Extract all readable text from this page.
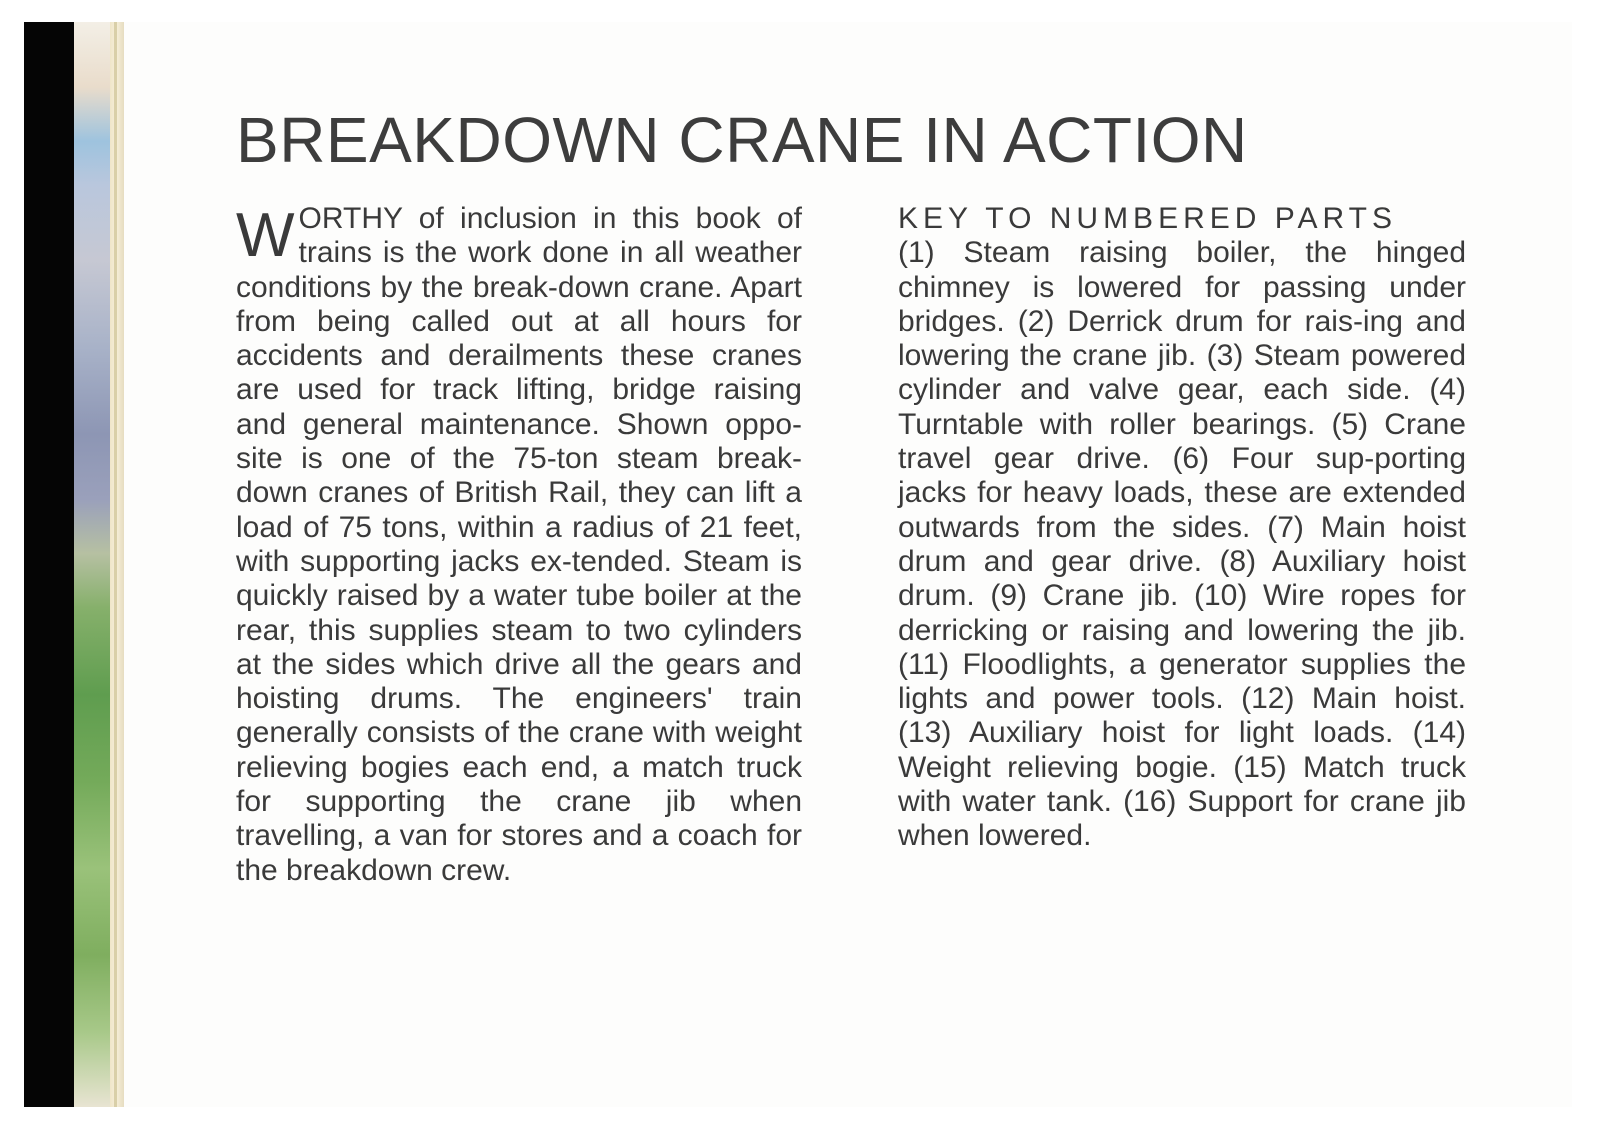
BREAKDOWN CRANE IN ACTION

WORTHY of inclusion in this book of trains is the work done in all weather conditions by the break-down crane. Apart from being called out at all hours for accidents and derailments these cranes are used for track lifting, bridge raising and general maintenance. Shown oppo-site is one of the 75-ton steam break-down cranes of British Rail, they can lift a load of 75 tons, within a radius of 21 feet, with supporting jacks ex-tended. Steam is quickly raised by a water tube boiler at the rear, this supplies steam to two cylinders at the sides which drive all the gears and hoisting drums. The engineers' train generally consists of the crane with weight relieving bogies each end, a match truck for supporting the crane jib when travelling, a van for stores and a coach for the breakdown crew.

KEY TO NUMBERED PARTS
(1) Steam raising boiler, the hinged chimney is lowered for passing under bridges. (2) Derrick drum for rais-ing and lowering the crane jib. (3) Steam powered cylinder and valve gear, each side. (4) Turntable with roller bearings. (5) Crane travel gear drive. (6) Four sup-porting jacks for heavy loads, these are extended outwards from the sides. (7) Main hoist drum and gear drive. (8) Auxiliary hoist drum. (9) Crane jib. (10) Wire ropes for derricking or raising and lowering the jib. (11) Floodlights, a generator supplies the lights and power tools. (12) Main hoist. (13) Auxiliary hoist for light loads. (14) Weight relieving bogie. (15) Match truck with water tank. (16) Support for crane jib when lowered.
